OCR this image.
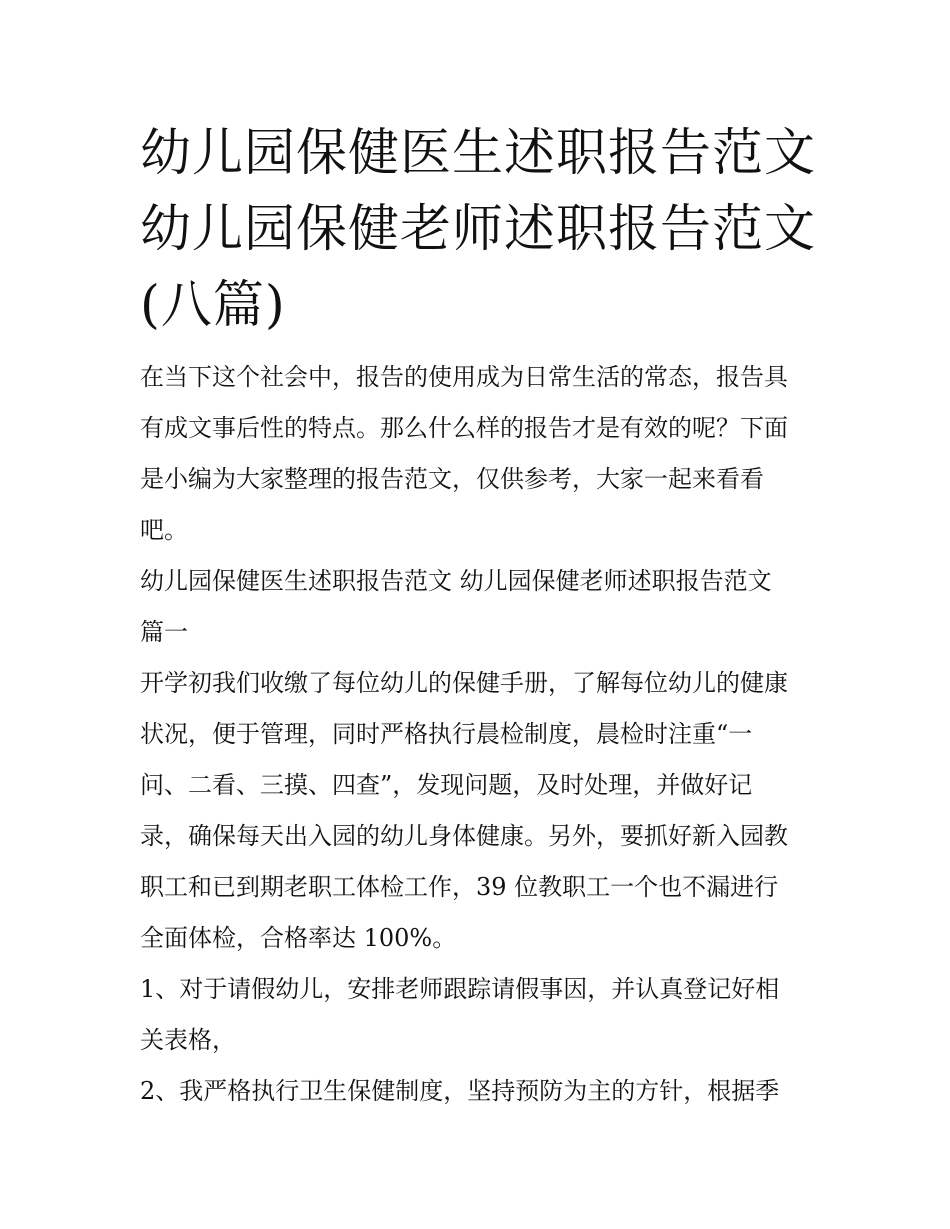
幼儿园保健医生述职报告范文
幼儿园保健老师述职报告范文
(八篇)
在当下这个社会中，报告的使用成为日常生活的常态，报告具
有成文事后性的特点。那么什么样的报告才是有效的呢？下面
是小编为大家整理的报告范文，仅供参考，大家一起来看看
吧。
幼儿园保健医生述职报告范文 幼儿园保健老师述职报告范文
篇一
开学初我们收缴了每位幼儿的保健手册，了解每位幼儿的健康
状况，便于管理，同时严格执行晨检制度，晨检时注重“一
问、二看、三摸、四查”，发现问题，及时处理，并做好记
录，确保每天出入园的幼儿身体健康。另外，要抓好新入园教
职工和已到期老职工体检工作，39 位教职工一个也不漏进行
全面体检，合格率达 100%。
1、对于请假幼儿，安排老师跟踪请假事因，并认真登记好相
关表格，
2、我严格执行卫生保健制度，坚持预防为主的方针，根据季
